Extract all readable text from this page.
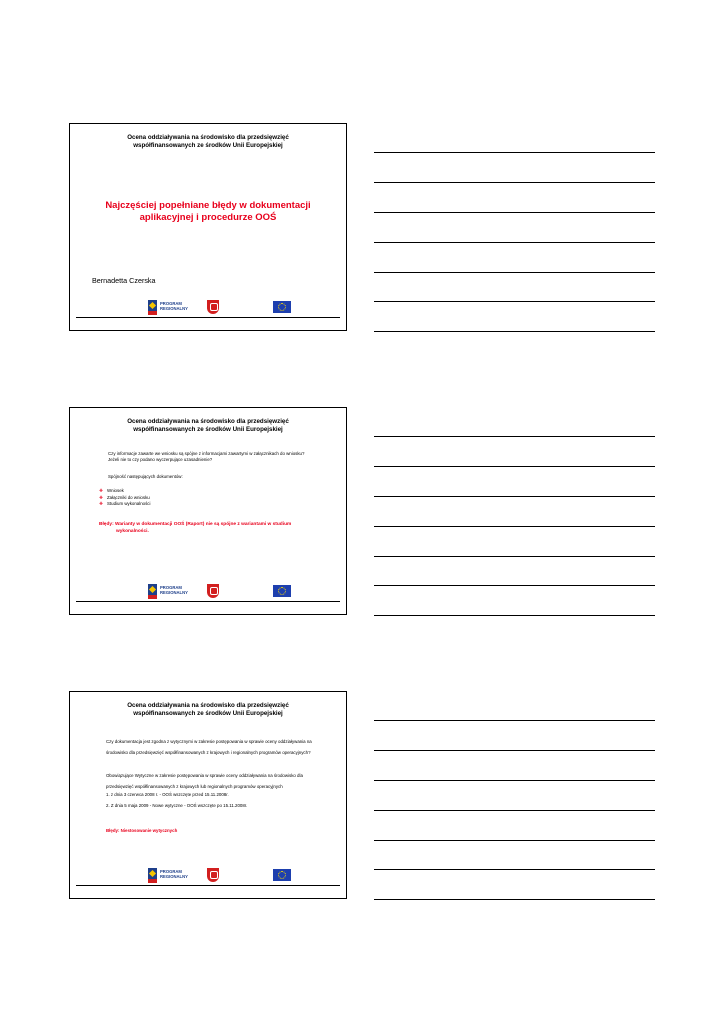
Ocena oddziaływania na środowisko dla przedsięwzięć
współfinansowanych ze środków Unii Europejskiej
Najczęściej popełniane błędy w dokumentacji
aplikacyjnej i procedurze OOŚ
Bernadetta Czerska
PROGRAM
REGIONALNY
Ocena oddziaływania na środowisko dla przedsięwzięć
współfinansowanych ze środków Unii Europejskiej
Czy informacje zawarte we wniosku są spójne z informacjami zawartymi w załącznikach do wniosku?
Jeżeli nie to czy podano wyczerpujące uzasadnienie?
Spójność następujących dokumentów:
❖ Wniosek
❖ Załączniki do wniosku
❖ Studium wykonalności
Błędy: Warianty w dokumentacji OOŚ (Raport) nie są spójne z wariantami w studium
wykonalności.
PROGRAM
REGIONALNY
Ocena oddziaływania na środowisko dla przedsięwzięć
współfinansowanych ze środków Unii Europejskiej
Czy dokumentacja jest zgodna z wytycznymi w zakresie postępowania w sprawie oceny oddziaływania na
środowisko dla przedsięwzięć współfinansowanych z krajowych i regionalnych programów operacyjnych?
Obowiązujące Wytyczne w zakresie postępowania w sprawie oceny oddziaływania na środowisko dla
przedsięwzięć współfinansowanych z krajowych lub regionalnych programów operacyjnych
1. z dnia 3 czerwca 2008 r. - OOŚ wszczęte przed 15.11.2008r.
2. Z dnia 5 maja 2009 - Nowe wytyczne - OOŚ wszczęte po 15.11.2008r.
Błędy: Niestosowanie wytycznych
PROGRAM
REGIONALNY
